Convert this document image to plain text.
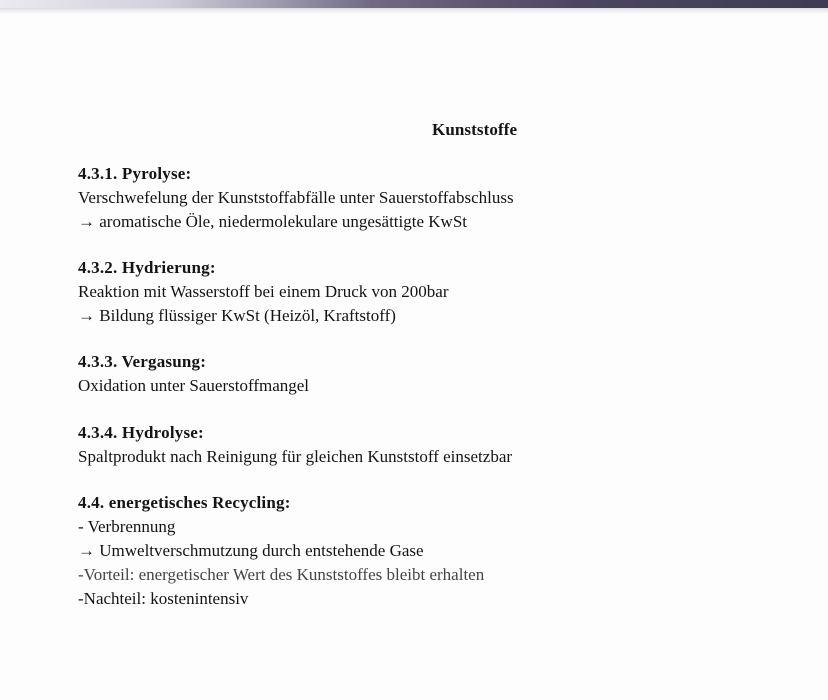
Kunststoffe
4.3.1. Pyrolyse:
Verschwefelung der Kunststoffabfälle unter Sauerstoffabschluss
→ aromatische Öle, niedermolekulare ungesättigte KwSt
4.3.2. Hydrierung:
Reaktion mit Wasserstoff bei einem Druck von 200bar
→ Bildung flüssiger KwSt (Heizöl, Kraftstoff)
4.3.3. Vergasung:
Oxidation unter Sauerstoffmangel
4.3.4. Hydrolyse:
Spaltprodukt nach Reinigung für gleichen Kunststoff einsetzbar
4.4. energetisches Recycling:
- Verbrennung
→ Umweltverschmutzung durch entstehende Gase
-Vorteil: energetischer Wert des Kunststoffes bleibt erhalten
-Nachteil: kostenintensiv
